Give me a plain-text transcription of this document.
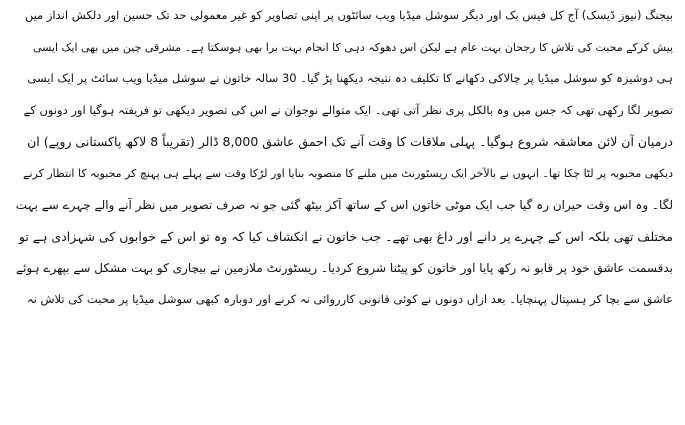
بیجنگ (نیوز ڈیسک) آج کل فیس بک اور دیگر سوشل میڈیا ویب سائٹوں پر اپنی تصاویر کو غیر معمولی حد تک حسین اور دلکش انداز میں
پیش کرکے محبت کی تلاش کا رجحان بہت عام ہے لیکن اس دھوکہ دہی کا انجام بہت برا بھی ہوسکتا ہے۔ مشرقی چین میں بھی ایک ایسی
ہی دوشیزہ کو سوشل میڈیا پر چالاکی دکھانے کا تکلیف دہ نتیجہ دیکھنا پڑ گیا۔ 30 سالہ خاتون نے سوشل میڈیا ویب سائٹ پر ایک ایسی
تصویر لگا رکھی تھی کہ جس میں وہ بالکل پری نظر آتی تھی۔ ایک متوالے نوجوان نے اس کی تصویر دیکھی تو فریفتہ ہوگیا اور دونوں کے
درمیان آن لائن معاشقہ شروع ہوگیا۔ پہلی ملاقات کا وقت آنے تک احمق عاشق 8,000 ڈالر (تقریباً 8 لاکھ پاکستانی روپے) ان
دیکھی محبوبہ پر لٹا چکا تھا۔ انہوں نے بالآخر ایک ریسٹورنٹ میں ملنے کا منصوبہ بنایا اور لڑکا وقت سے پہلے ہی پہنچ کر محبوبہ کا انتظار کرنے
لگا۔ وہ اس وقت حیران رہ گیا جب ایک موٹی خاتون اس کے ساتھ آکر بیٹھ گئی جو نہ صرف تصویر میں نظر آنے والے چہرے سے بہت
مختلف تھی بلکہ اس کے چہرے پر دانے اور داغ بھی تھے۔ جب خاتون نے انکشاف کیا کہ وہ تو اس کے خوابوں کی شہزادی ہے تو
بدقسمت عاشق خود پر قابو نہ رکھ پایا اور خاتون کو پیٹنا شروع کردیا۔ ریسٹورنٹ ملازمین نے بیچاری کو بہت مشکل سے بپھرے ہوئے
عاشق سے بچا کر ہسپتال پہنچایا۔ بعد ازاں دونوں نے کوئی قانونی کارروائی نہ کرنے اور دوبارہ کبھی سوشل میڈیا پر محبت کی تلاش نہ
